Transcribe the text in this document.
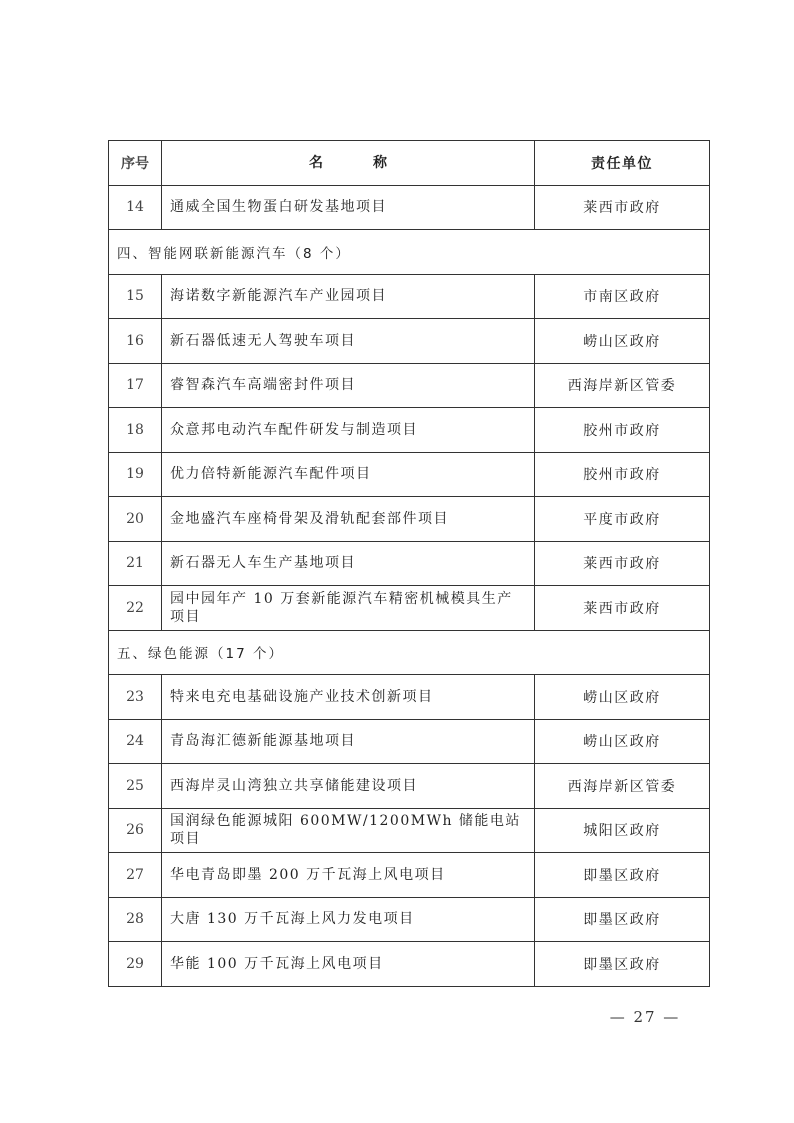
序号	名 称	责任单位
14	通威全国生物蛋白研发基地项目	莱西市政府
四、智能网联新能源汽车（8 个）		
15	海诺数字新能源汽车产业园项目	市南区政府
16	新石器低速无人驾驶车项目	崂山区政府
17	睿智森汽车高端密封件项目	西海岸新区管委
18	众意邦电动汽车配件研发与制造项目	胶州市政府
19	优力倍特新能源汽车配件项目	胶州市政府
20	金地盛汽车座椅骨架及滑轨配套部件项目	平度市政府
21	新石器无人车生产基地项目	莱西市政府
22	园中园年产 10 万套新能源汽车精密机械模具生产项目	莱西市政府
五、绿色能源（17 个）		
23	特来电充电基础设施产业技术创新项目	崂山区政府
24	青岛海汇德新能源基地项目	崂山区政府
25	西海岸灵山湾独立共享储能建设项目	西海岸新区管委
26	国润绿色能源城阳 600MW/1200MWh 储能电站项目	城阳区政府
27	华电青岛即墨 200 万千瓦海上风电项目	即墨区政府
28	大唐 130 万千瓦海上风力发电项目	即墨区政府
29	华能 100 万千瓦海上风电项目	即墨区政府
— 27 —
